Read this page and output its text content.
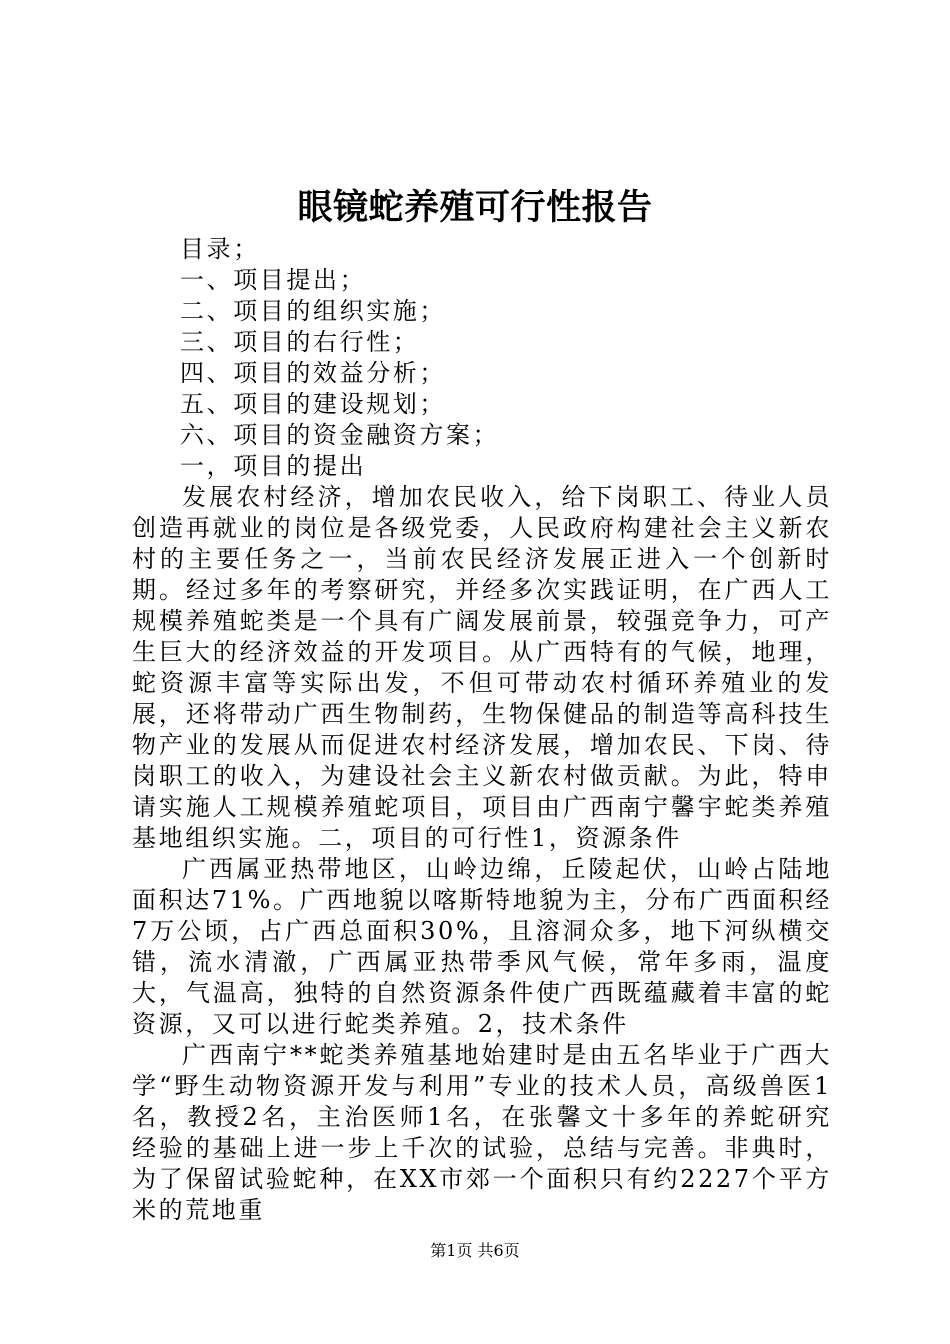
眼镜蛇养殖可行性报告
目录；
一、项目提出；
二、项目的组织实施；
三、项目的右行性；
四、项目的效益分析；
五、项目的建设规划；
六、项目的资金融资方案；
一，项目的提出

发展农村经济，增加农民收入，给下岗职工、待业人员创造再就业的岗位是各级党委，人民政府构建社会主义新农村的主要任务之一，当前农民经济发展正进入一个创新时期。经过多年的考察研究，并经多次实践证明，在广西人工规模养殖蛇类是一个具有广阔发展前景，较强竞争力，可产生巨大的经济效益的开发项目。从广西特有的气候，地理，蛇资源丰富等实际出发，不但可带动农村循环养殖业的发展，还将带动广西生物制药，生物保健品的制造等高科技生物产业的发展从而促进农村经济发展，增加农民、下岗、待岗职工的收入，为建设社会主义新农村做贡献。为此，特申请实施人工规模养殖蛇项目，项目由广西南宁馨宇蛇类养殖基地组织实施。二，项目的可行性1，资源条件

广西属亚热带地区，山岭边绵，丘陵起伏，山岭占陆地面积达71%。广西地貌以喀斯特地貌为主，分布广西面积经7万公顷，占广西总面积30%，且溶洞众多，地下河纵横交错，流水清澈，广西属亚热带季风气候，常年多雨，温度大，气温高，独特的自然资源条件使广西既蕴藏着丰富的蛇资源，又可以进行蛇类养殖。2，技术条件

广西南宁**蛇类养殖基地始建时是由五名毕业于广西大学“野生动物资源开发与利用”专业的技术人员，高级兽医1名，教授2名，主治医师1名，在张馨文十多年的养蛇研究经验的基础上进一步上千次的试验，总结与完善。非典时，为了保留试验蛇种，在XX市郊一个面积只有约2227个平方米的荒地重

第1页 共6页
